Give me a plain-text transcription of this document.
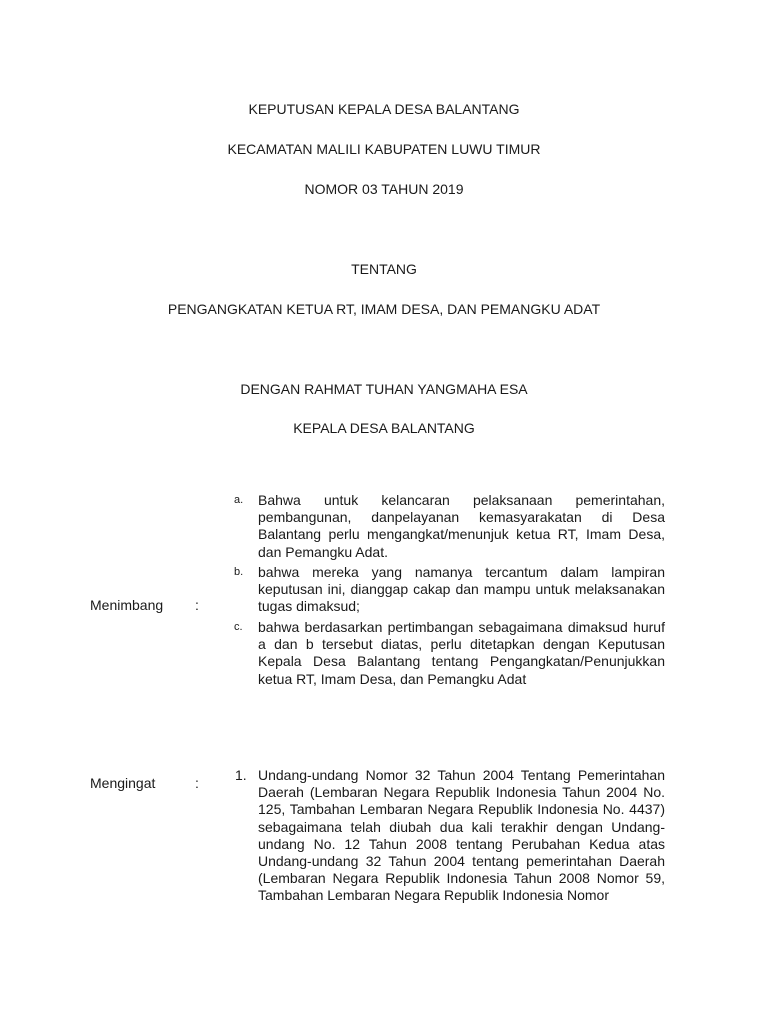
KEPUTUSAN KEPALA DESA BALANTANG
KECAMATAN MALILI KABUPATEN LUWU TIMUR
NOMOR 03 TAHUN 2019
TENTANG
PENGANGKATAN KETUA RT, IMAM DESA, DAN PEMANGKU ADAT
DENGAN RAHMAT TUHAN YANGMAHA ESA
KEPALA DESA BALANTANG
Menimbang :
a. Bahwa untuk kelancaran pelaksanaan pemerintahan, pembangunan, danpelayanan kemasyarakatan di Desa Balantang perlu mengangkat/menunjuk ketua RT, Imam Desa, dan Pemangku Adat.
b. bahwa mereka yang namanya tercantum dalam lampiran keputusan ini, dianggap cakap dan mampu untuk melaksanakan tugas dimaksud;
c. bahwa berdasarkan pertimbangan sebagaimana dimaksud huruf a dan b tersebut diatas, perlu ditetapkan dengan Keputusan Kepala Desa Balantang tentang Pengangkatan/Penunjukkan ketua RT, Imam Desa, dan Pemangku Adat
Mengingat	:	1. Undang-undang Nomor 32 Tahun 2004 Tentang Pemerintahan Daerah (Lembaran Negara Republik Indonesia Tahun 2004 No. 125, Tambahan Lembaran Negara Republik Indonesia No. 4437) sebagaimana telah diubah dua kali terakhir dengan Undang-undang No. 12 Tahun 2008 tentang Perubahan Kedua atas Undang-undang 32 Tahun 2004 tentang pemerintahan Daerah (Lembaran Negara Republik Indonesia Tahun 2008 Nomor 59, Tambahan Lembaran Negara Republik Indonesia Nomor
